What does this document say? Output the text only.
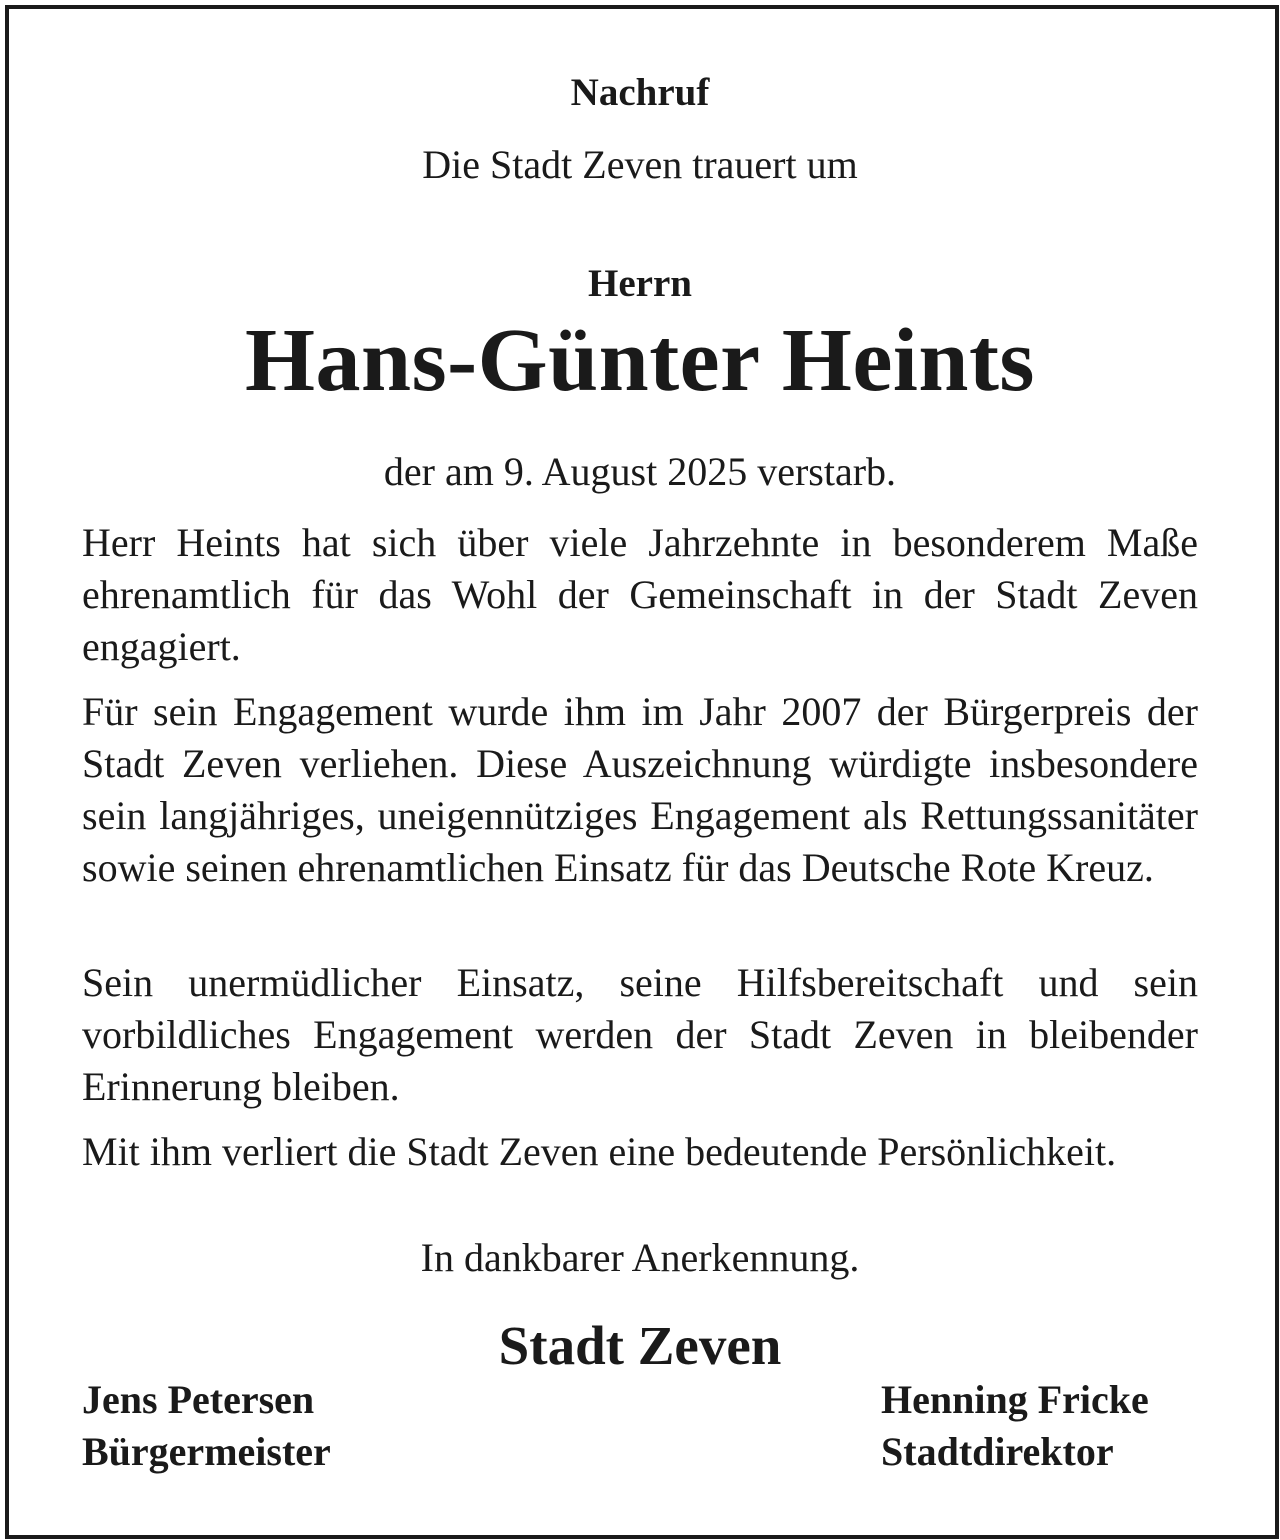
Nachruf
Die Stadt Zeven trauert um
Herrn
Hans-Günter Heints
der am 9. August 2025 verstarb.
Herr Heints hat sich über viele Jahrzehnte in besonderem Maße ehrenamtlich für das Wohl der Gemeinschaft in der Stadt Zeven engagiert.
Für sein Engagement wurde ihm im Jahr 2007 der Bürgerpreis der Stadt Zeven verliehen. Diese Auszeichnung würdigte insbesondere sein langjähriges, uneigennütziges Engagement als Rettungssanitäter sowie seinen ehrenamtlichen Einsatz für das Deutsche Rote Kreuz.
Sein unermüdlicher Einsatz, seine Hilfsbereitschaft und sein vorbildliches Engagement werden der Stadt Zeven in bleibender Erinnerung bleiben.
Mit ihm verliert die Stadt Zeven eine bedeutende Persönlichkeit.
In dankbarer Anerkennung.
Stadt Zeven
Jens Petersen
Bürgermeister
Henning Fricke
Stadtdirektor
